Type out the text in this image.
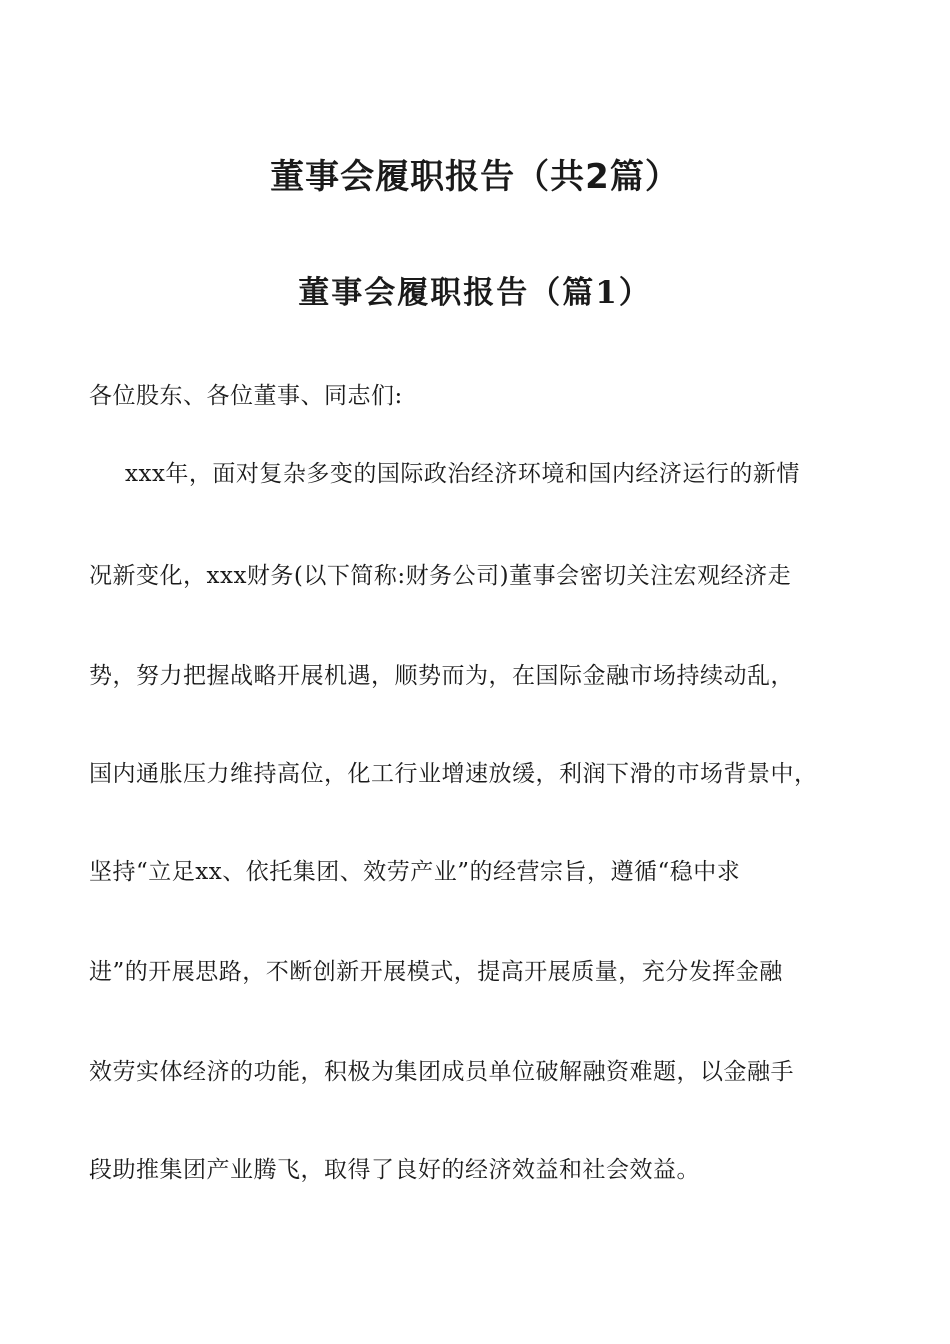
董事会履职报告（共2篇）
董事会履职报告（篇1）

各位股东、各位董事、同志们:

xxx年，面对复杂多变的国际政治经济环境和国内经济运行的新情

况新变化，xxx财务(以下简称:财务公司)董事会密切关注宏观经济走

势，努力把握战略开展机遇，顺势而为，在国际金融市场持续动乱，

国内通胀压力维持高位，化工行业增速放缓，利润下滑的市场背景中，

坚持“立足xx、依托集团、效劳产业”的经营宗旨，遵循“稳中求

进”的开展思路，不断创新开展模式，提高开展质量，充分发挥金融

效劳实体经济的功能，积极为集团成员单位破解融资难题，以金融手

段助推集团产业腾飞，取得了良好的经济效益和社会效益。
